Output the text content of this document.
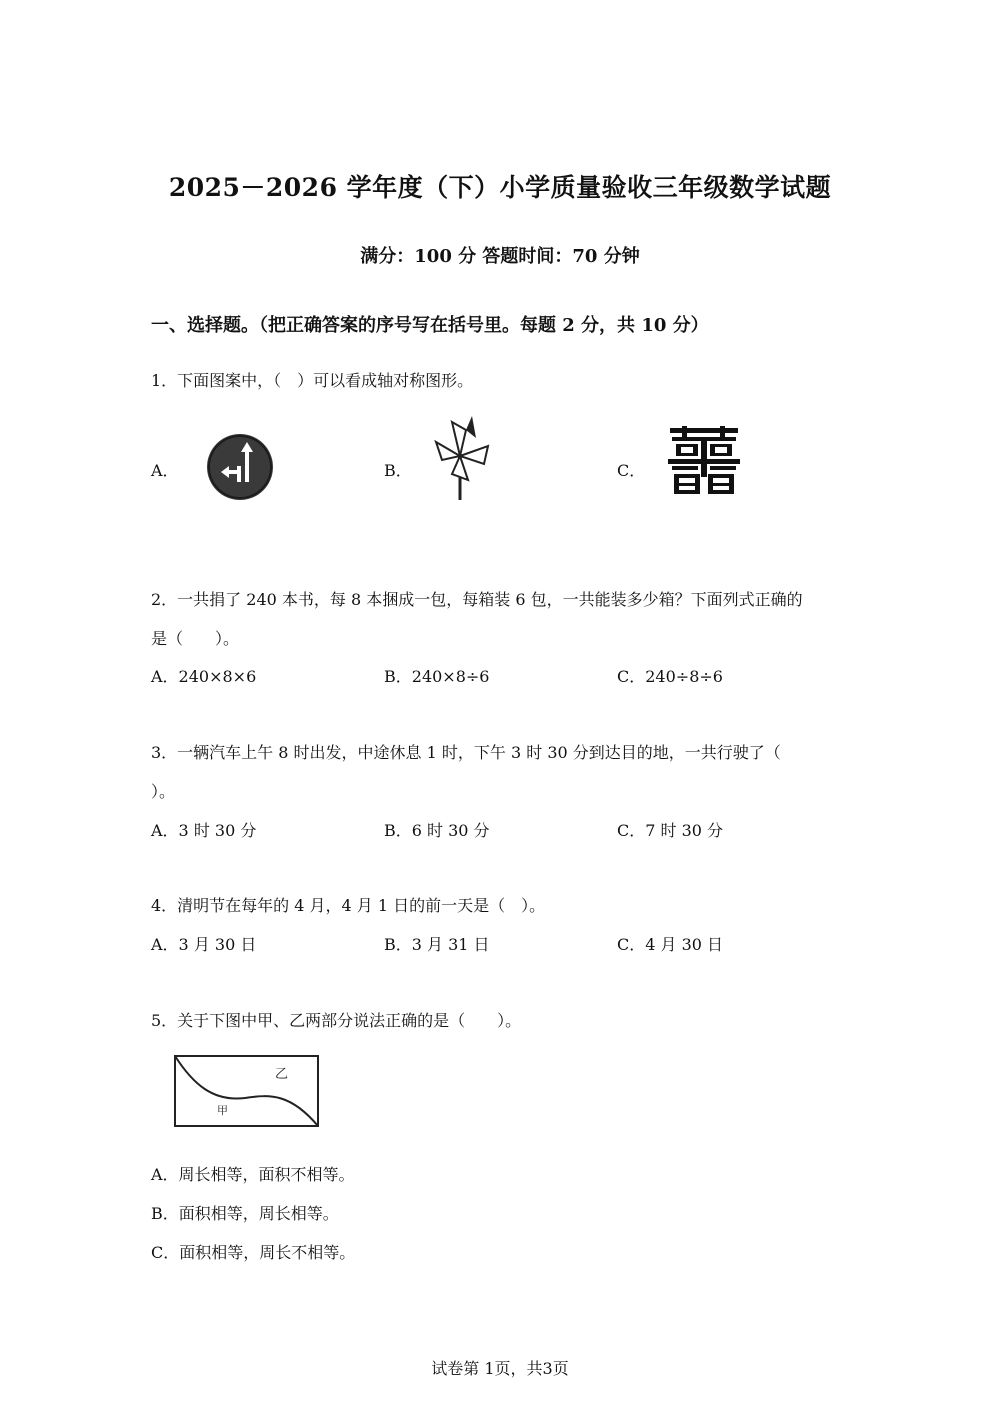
2025－2026 学年度（下）小学质量验收三年级数学试题
满分：100 分 答题时间：70 分钟
一、选择题。（把正确答案的序号写在括号里。每题 2 分，共 10 分）
1．下面图案中，（　）可以看成轴对称图形。
A．	B．	C．
2．一共捐了 240 本书，每 8 本捆成一包，每箱装 6 包，一共能装多少箱？下面列式正确的
是（　　）。
A．240×8×6	B．240×8÷6	C．240÷8÷6
3．一辆汽车上午 8 时出发，中途休息 1 时，下午 3 时 30 分到达目的地，一共行驶了（
）。
A．3 时 30 分	B．6 时 30 分	C．7 时 30 分
4．清明节在每年的 4 月，4 月 1 日的前一天是（　）。
A．3 月 30 日	B．3 月 31 日	C．4 月 30 日
5．关于下图中甲、乙两部分说法正确的是（　　）。
乙
甲
A．周长相等，面积不相等。
B．面积相等，周长相等。
C．面积相等，周长不相等。
试卷第 1页，共3页
